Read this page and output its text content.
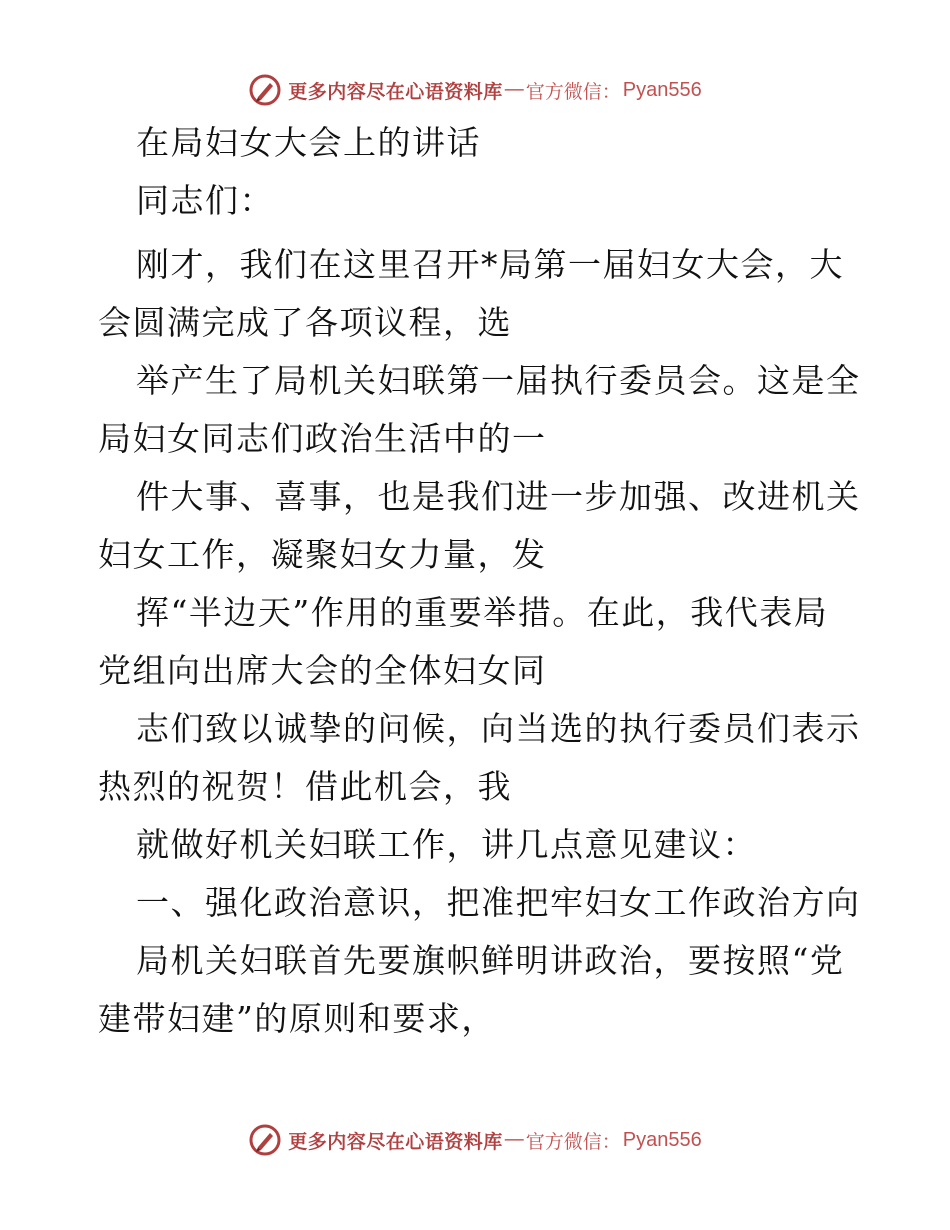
更多内容尽在心语资料库 — 官方微信： Pyan556
在局妇女大会上的讲话
同志们：
刚才，我们在这里召开*局第一届妇女大会，大
会圆满完成了各项议程，选
举产生了局机关妇联第一届执行委员会。这是全
局妇女同志们政治生活中的一
件大事、喜事，也是我们进一步加强、改进机关
妇女工作，凝聚妇女力量，发
挥“半边天”作用的重要举措。在此，我代表局
党组向出席大会的全体妇女同
志们致以诚挚的问候，向当选的执行委员们表示
热烈的祝贺！借此机会，我
就做好机关妇联工作，讲几点意见建议：
一、强化政治意识，把准把牢妇女工作政治方向
局机关妇联首先要旗帜鲜明讲政治，要按照“党
建带妇建”的原则和要求，
更多内容尽在心语资料库 — 官方微信： Pyan556
